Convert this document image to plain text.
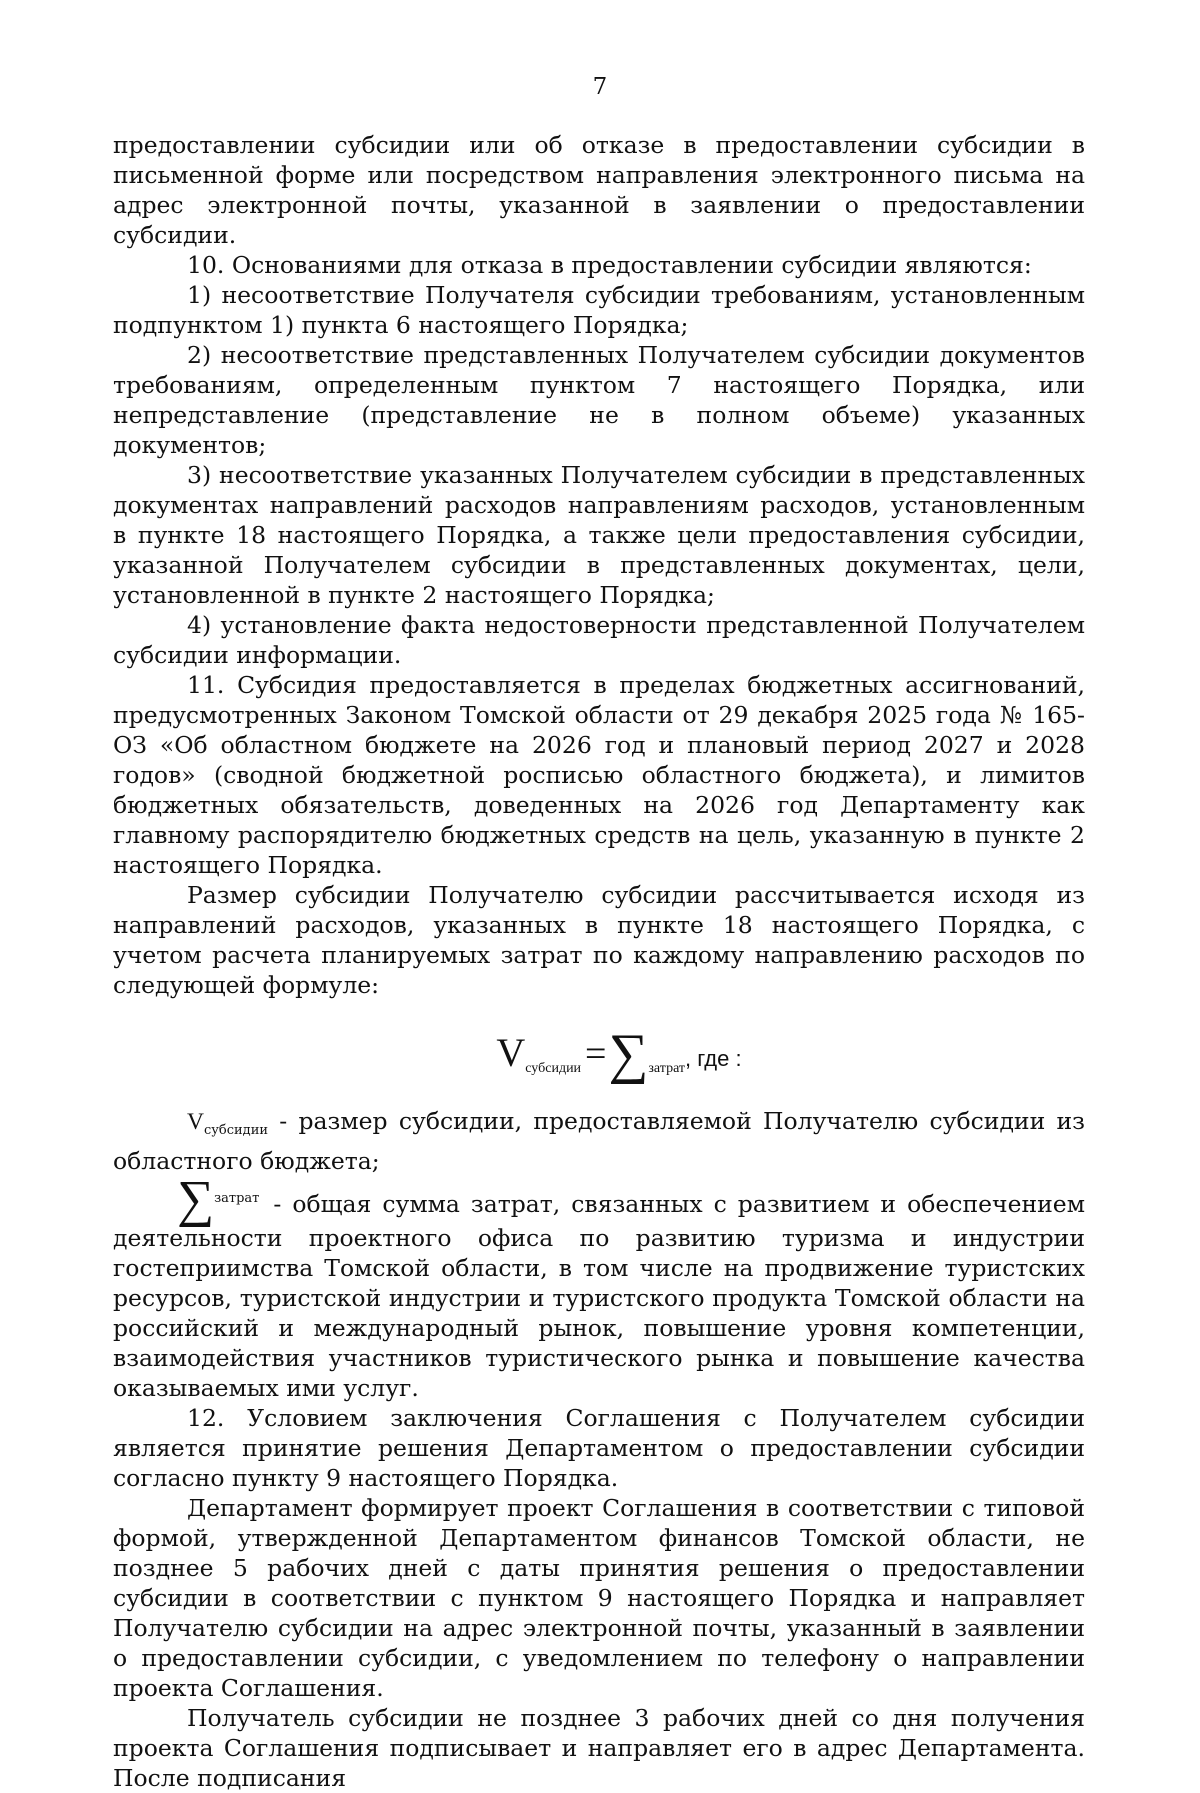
7

предоставлении субсидии или об отказе в предоставлении субсидии в письменной форме или посредством направления электронного письма на адрес электронной почты, указанной в заявлении о предоставлении субсидии.

10. Основаниями для отказа в предоставлении субсидии являются:

1) несоответствие Получателя субсидии требованиям, установленным подпунктом 1) пункта 6 настоящего Порядка;

2) несоответствие представленных Получателем субсидии документов требованиям, определенным пунктом 7 настоящего Порядка, или непредставление (представление не в полном объеме) указанных документов;

3) несоответствие указанных Получателем субсидии в представленных документах направлений расходов направлениям расходов, установленным в пункте 18 настоящего Порядка, а также цели предоставления субсидии, указанной Получателем субсидии в представленных документах, цели, установленной в пункте 2 настоящего Порядка;

4) установление факта недостоверности представленной Получателем субсидии информации.

11. Субсидия предоставляется в пределах бюджетных ассигнований, предусмотренных Законом Томской области от 29 декабря 2025 года № 165-ОЗ «Об областном бюджете на 2026 год и плановый период 2027 и 2028 годов» (сводной бюджетной росписью областного бюджета), и лимитов бюджетных обязательств, доведенных на 2026 год Департаменту как главному распорядителю бюджетных средств на цель, указанную в пункте 2 настоящего Порядка.

Размер субсидии Получателю субсидии рассчитывается исходя из направлений расходов, указанных в пункте 18 настоящего Порядка, с учетом расчета планируемых затрат по каждому направлению расходов по следующей формуле:

Vсубсидии =∑затрат, где :

$V_{субсидии}$ - размер субсидии, предоставляемой Получателю субсидии из областного бюджета;

∑$^{затрат}$ - общая сумма затрат, связанных с развитием и обеспечением деятельности проектного офиса по развитию туризма и индустрии гостеприимства Томской области, в том числе на продвижение туристских ресурсов, туристской индустрии и туристского продукта Томской области на российский и международный рынок, повышение уровня компетенции, взаимодействия участников туристического рынка и повышение качества оказываемых ими услуг.

12. Условием заключения Соглашения с Получателем субсидии является принятие решения Департаментом о предоставлении субсидии согласно пункту 9 настоящего Порядка.

Департамент формирует проект Соглашения в соответствии с типовой формой, утвержденной Департаментом финансов Томской области, не позднее 5 рабочих дней с даты принятия решения о предоставлении субсидии в соответствии с пунктом 9 настоящего Порядка и направляет Получателю субсидии на адрес электронной почты, указанный в заявлении о предоставлении субсидии, с уведомлением по телефону о направлении проекта Соглашения.

Получатель субсидии не позднее 3 рабочих дней со дня получения проекта Соглашения подписывает и направляет его в адрес Департамента. После подписания
